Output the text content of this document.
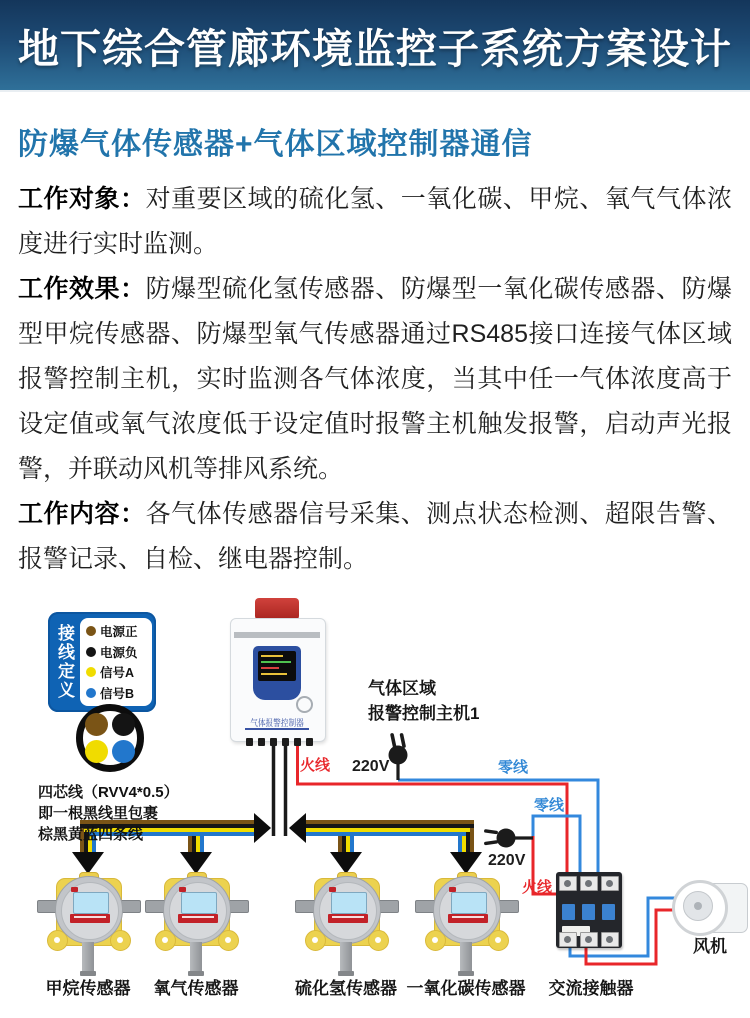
地下综合管廊环境监控子系统方案设计
防爆气体传感器+气体区域控制器通信

工作对象：对重要区域的硫化氢、一氧化碳、甲烷、氧气气体浓度进行实时监测。

工作效果：防爆型硫化氢传感器、防爆型一氧化碳传感器、防爆型甲烷传感器、防爆型氧气传感器通过RS485接口连接气体区域报警控制主机，实时监测各气体浓度，当其中任一气体浓度高于设定值或氧气浓度低于设定值时报警主机触发报警，启动声光报警，并联动风机等排风系统。

工作内容：各气体传感器信号采集、测点状态检测、超限告警、报警记录、自检、继电器控制。

接线定义 电源正
电源负
信号A
信号B
四芯线（RVV4*0.5）
即一根黑线里包裹
棕黑黄蓝四条线
气体报警控制器
气体区域
报警控制主机1
火线 220V	零线
零线
220V
火线
甲烷传感器	氧气传感器	硫化氢传感器 一氧化碳传感器	交流接触器
风机
